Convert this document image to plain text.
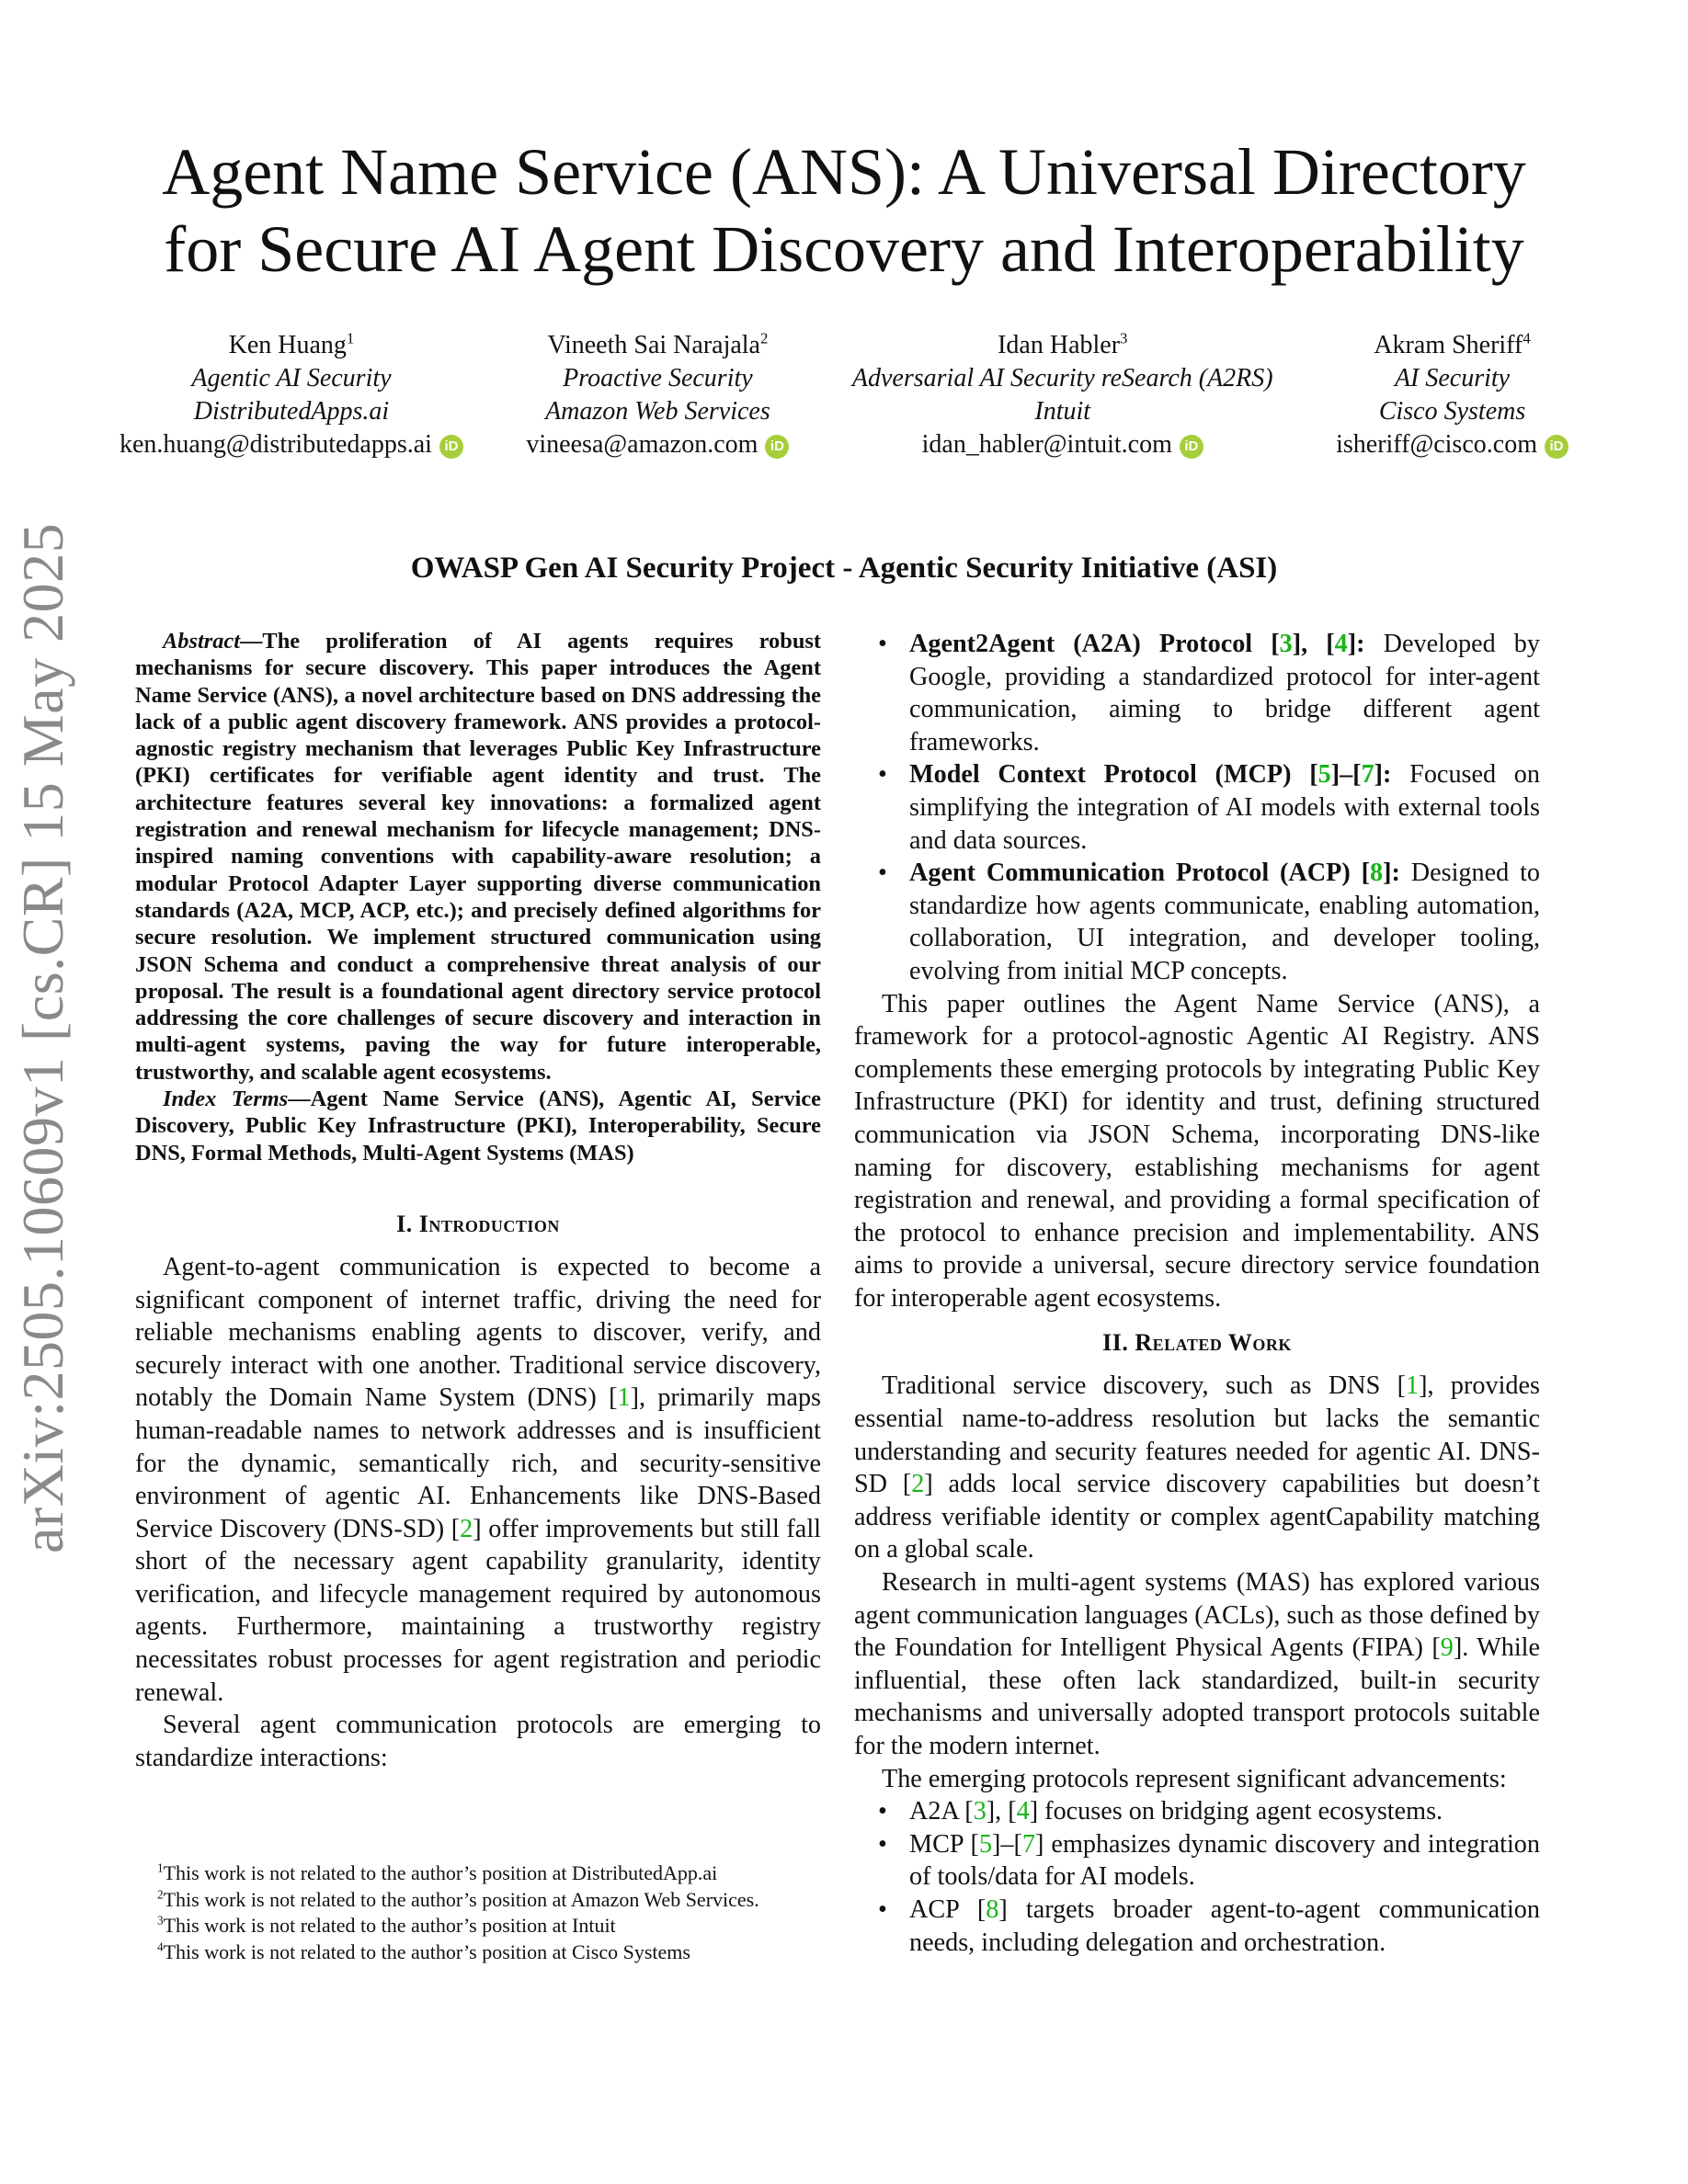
arXiv:2505.10609v1 [cs.CR] 15 May 2025
Agent Name Service (ANS): A Universal Directory
for Secure AI Agent Discovery and Interoperability
Ken Huang$^1$
Agentic AI Security
DistributedApps.ai
ken.huang@distributedapps.ai iD
Vineeth Sai Narajala$^2$
Proactive Security
Amazon Web Services
vineesa@amazon.com iD
Idan Habler$^3$
Adversarial AI Security reSearch (A2RS)
Intuit
idan_habler@intuit.com iD
Akram Sheriff$^4$
AI Security
Cisco Systems
isheriff@cisco.com iD
OWASP Gen AI Security Project - Agentic Security Initiative (ASI)

Abstract—The proliferation of AI agents requires robust mechanisms for secure discovery. This paper introduces the Agent Name Service (ANS), a novel architecture based on DNS addressing the lack of a public agent discovery framework. ANS provides a protocol-agnostic registry mechanism that leverages Public Key Infrastructure (PKI) certificates for verifiable agent identity and trust. The architecture features several key innovations: a formalized agent registration and renewal mechanism for lifecycle management; DNS-inspired naming conventions with capability-aware resolution; a modular Protocol Adapter Layer supporting diverse communication standards (A2A, MCP, ACP, etc.); and precisely defined algorithms for secure resolution. We implement structured communication using JSON Schema and conduct a comprehensive threat analysis of our proposal. The result is a foundational agent directory service protocol addressing the core challenges of secure discovery and interaction in multi-agent systems, paving the way for future interoperable, trustworthy, and scalable agent ecosystems.

Index Terms—Agent Name Service (ANS), Agentic AI, Service Discovery, Public Key Infrastructure (PKI), Interoperability, Secure DNS, Formal Methods, Multi-Agent Systems (MAS)

I. Introduction

Agent-to-agent communication is expected to become a significant component of internet traffic, driving the need for reliable mechanisms enabling agents to discover, verify, and securely interact with one another. Traditional service discovery, notably the Domain Name System (DNS) [1], primarily maps human-readable names to network addresses and is insufficient for the dynamic, semantically rich, and security-sensitive environment of agentic AI. Enhancements like DNS-Based Service Discovery (DNS-SD) [2] offer improvements but still fall short of the necessary agent capability granularity, identity verification, and lifecycle management required by autonomous agents. Furthermore, maintaining a trustworthy registry necessitates robust processes for agent registration and periodic renewal.

Several agent communication protocols are emerging to standardize interactions:

$^1$This work is not related to the author’s position at DistributedApp.ai

$^2$This work is not related to the author’s position at Amazon Web Services.

$^3$This work is not related to the author’s position at Intuit

$^4$This work is not related to the author’s position at Cisco Systems

• Agent2Agent (A2A) Protocol [3], [4]: Developed by Google, providing a standardized protocol for inter-agent communication, aiming to bridge different agent frameworks.
• Model Context Protocol (MCP) [5]–[7]: Focused on simplifying the integration of AI models with external tools and data sources.
• Agent Communication Protocol (ACP) [8]: Designed to standardize how agents communicate, enabling automation, collaboration, UI integration, and developer tooling, evolving from initial MCP concepts.

This paper outlines the Agent Name Service (ANS), a framework for a protocol-agnostic Agentic AI Registry. ANS complements these emerging protocols by integrating Public Key Infrastructure (PKI) for identity and trust, defining structured communication via JSON Schema, incorporating DNS-like naming for discovery, establishing mechanisms for agent registration and renewal, and providing a formal specification of the protocol to enhance precision and implementability. ANS aims to provide a universal, secure directory service foundation for interoperable agent ecosystems.

II. Related Work

Traditional service discovery, such as DNS [1], provides essential name-to-address resolution but lacks the semantic understanding and security features needed for agentic AI. DNS-SD [2] adds local service discovery capabilities but doesn’t address verifiable identity or complex agentCapability matching on a global scale.

Research in multi-agent systems (MAS) has explored various agent communication languages (ACLs), such as those defined by the Foundation for Intelligent Physical Agents (FIPA) [9]. While influential, these often lack standardized, built-in security mechanisms and universally adopted transport protocols suitable for the modern internet.

The emerging protocols represent significant advancements:

• A2A [3], [4] focuses on bridging agent ecosystems.
• MCP [5]–[7] emphasizes dynamic discovery and integration of tools/data for AI models.
• ACP [8] targets broader agent-to-agent communication needs, including delegation and orchestration.
